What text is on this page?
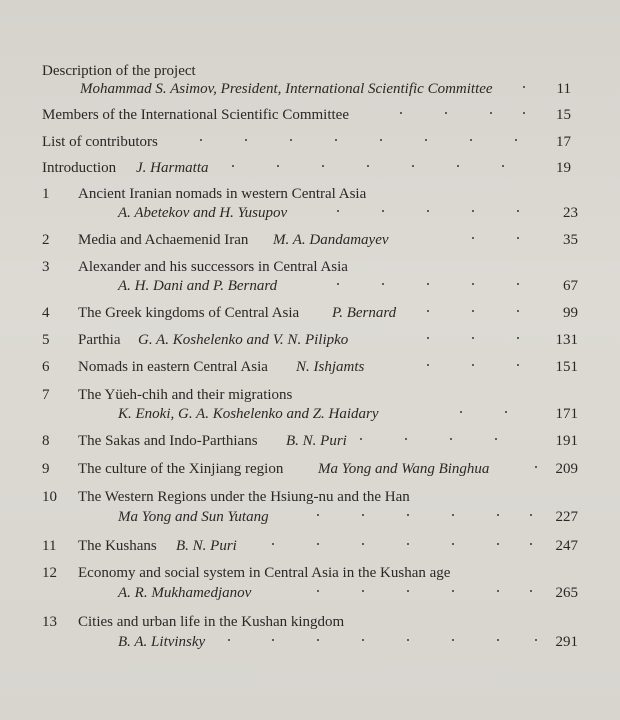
Description of the project
Mohammad S. Asimov, President, International Scientific Committee	11
Members of the International Scientific Committee	15
List of contributors	17
Introduction J. Harmatta	19
1 Ancient Iranian nomads in western Central Asia
A. Abetekov and H. Yusupov	23
2 Media and Achaemenid Iran M. A. Dandamayev	35
3 Alexander and his successors in Central Asia
A. H. Dani and P. Bernard	67
4 The Greek kingdoms of Central Asia P. Bernard	99
5 Parthia G. A. Koshelenko and V. N. Pilipko	131
6 Nomads in eastern Central Asia N. Ishjamts	151
7 The Yüeh-chih and their migrations
K. Enoki, G. A. Koshelenko and Z. Haidary	171
8 The Sakas and Indo-Parthians B. N. Puri	191
9 The culture of the Xinjiang region Ma Yong and Wang Binghua	209
10 The Western Regions under the Hsiung-nu and the Han
Ma Yong and Sun Yutang	227
11 The Kushans B. N. Puri	247
12 Economy and social system in Central Asia in the Kushan age
A. R. Mukhamedjanov	265
13 Cities and urban life in the Kushan kingdom
B. A. Litvinsky	291
